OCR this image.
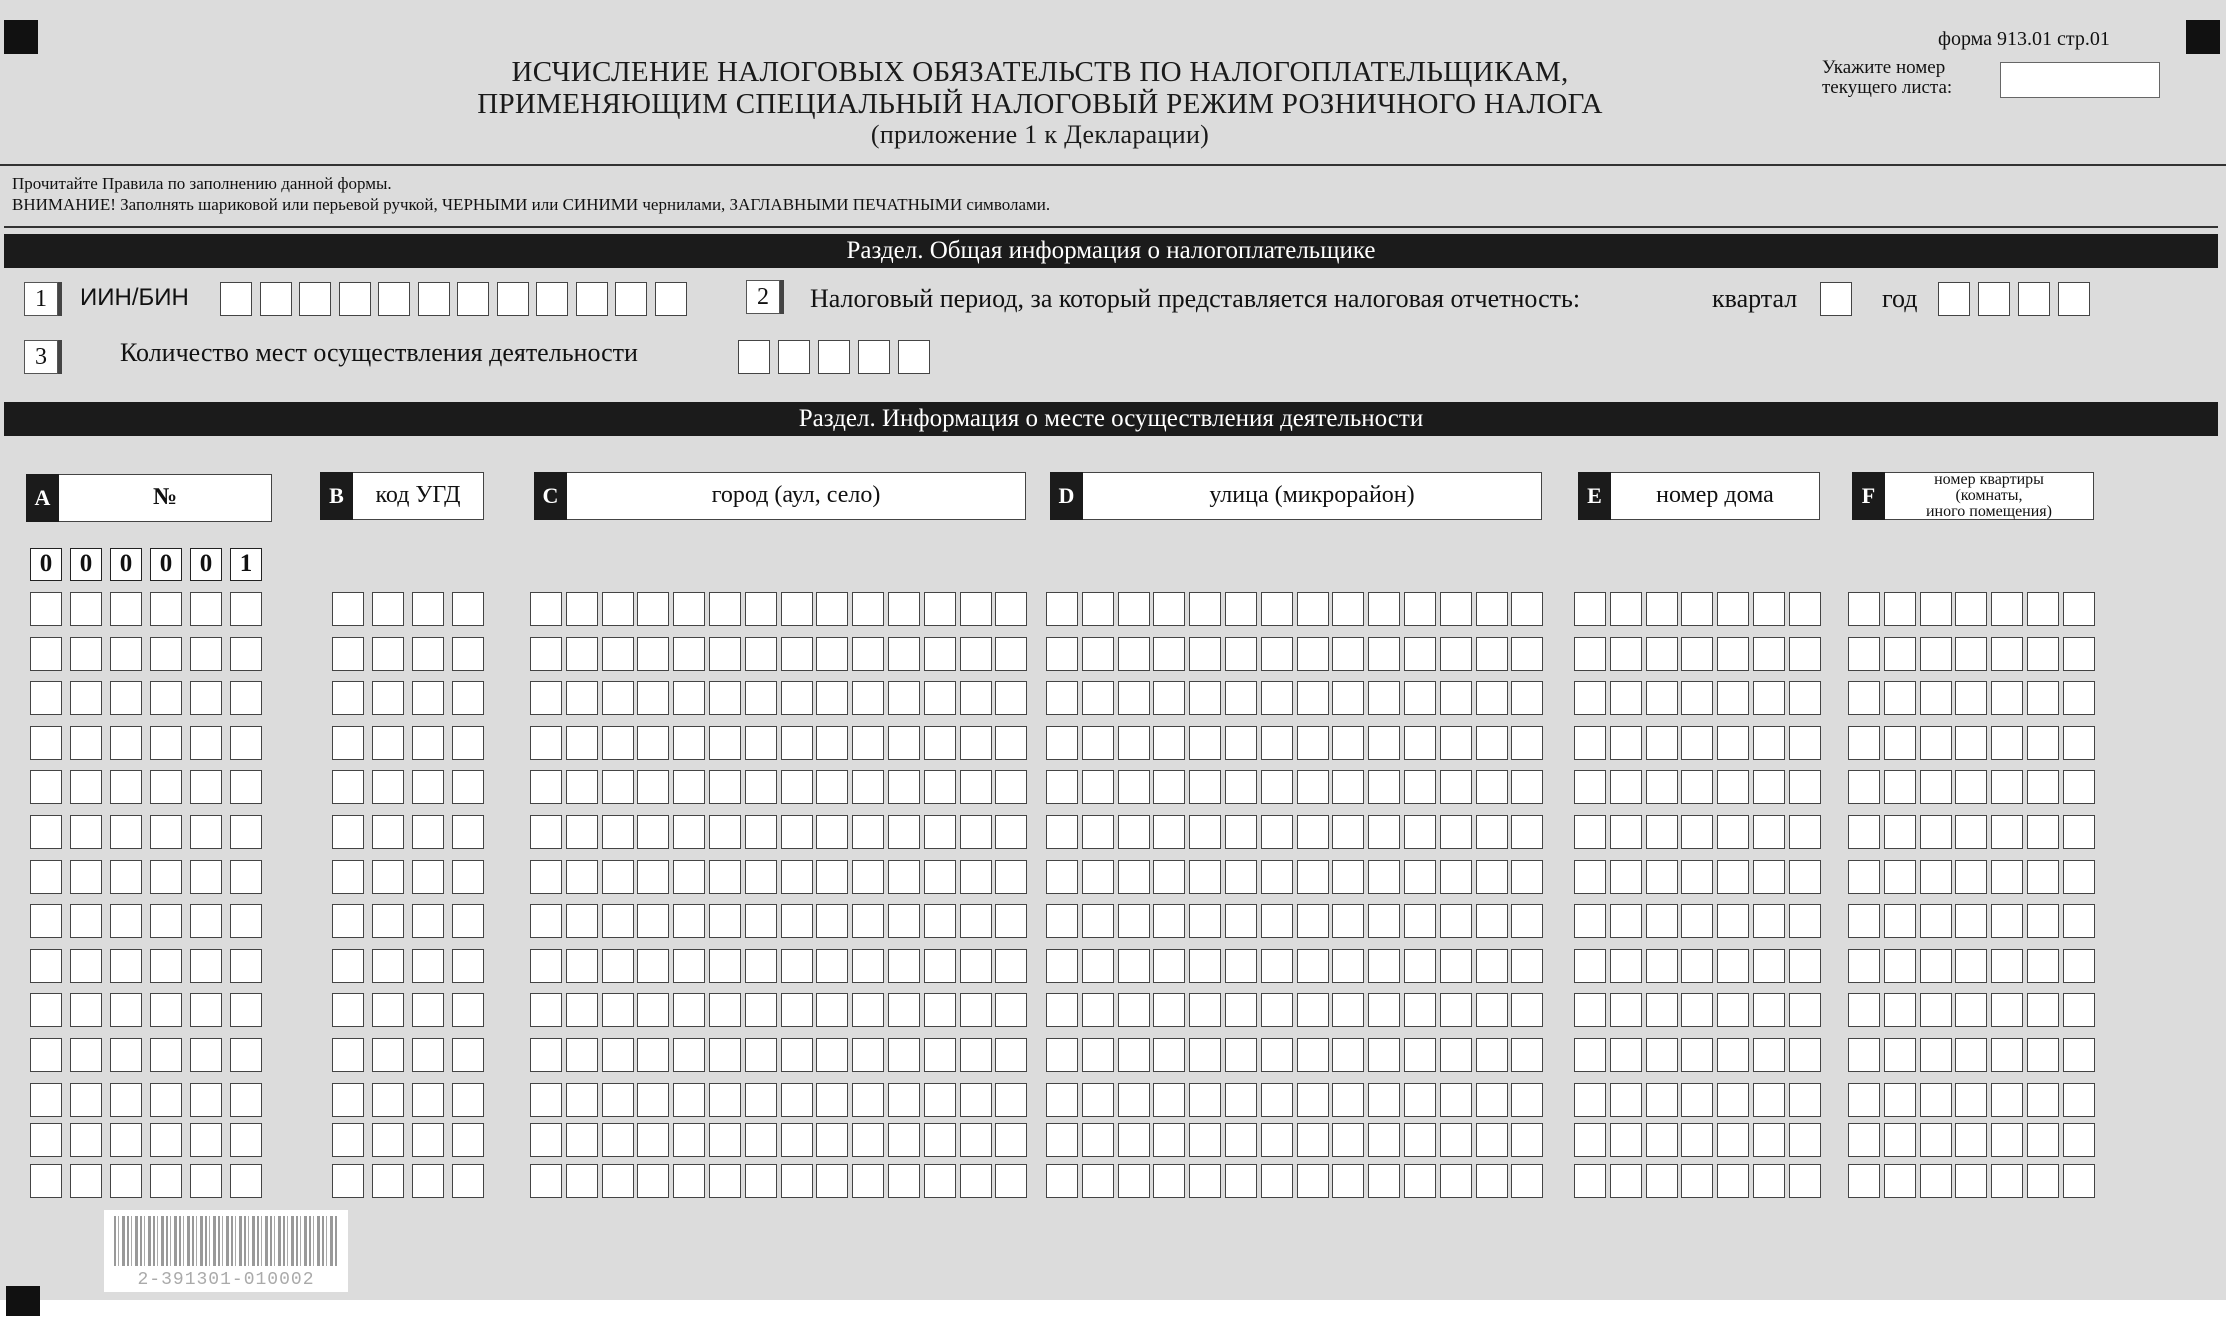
форма 913.01 стр.01
ИСЧИСЛЕНИЕ НАЛОГОВЫХ ОБЯЗАТЕЛЬСТВ ПО НАЛОГОПЛАТЕЛЬЩИКАМ,
ПРИМЕНЯЮЩИМ СПЕЦИАЛЬНЫЙ НАЛОГОВЫЙ РЕЖИМ РОЗНИЧНОГО НАЛОГА
(приложение 1 к Декларации)
Укажите номер
текущего листа:
Прочитайте Правила по заполнению данной формы.
ВНИМАНИЕ! Заполнять шариковой или перьевой ручкой, ЧЕРНЫМИ или СИНИМИ чернилами, ЗАГЛАВНЫМИ ПЕЧАТНЫМИ символами.
Раздел. Общая информация о налогоплательщике
1	ИИН/БИН	2	Налоговый период, за который представляется налоговая отчетность:	квартал	год
3	Количество мест осуществления деятельности
Раздел. Информация о месте осуществления деятельности
A	№	B	код УГД	C	город (аул, село)	D	улица (микрорайон)	E	номер дома	F
номер квартиры
(комнаты,
иного помещения)
0	0	0	0	0	1
2-391301-010002
